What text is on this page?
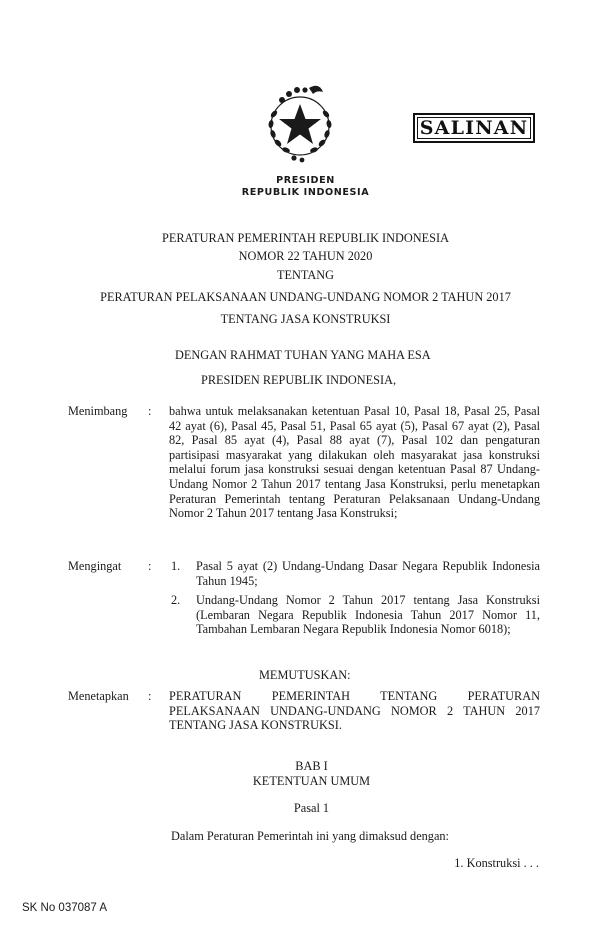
SALINAN
PRESIDEN
REPUBLIK INDONESIA
PERATURAN PEMERINTAH REPUBLIK INDONESIA
NOMOR 22 TAHUN 2020
TENTANG
PERATURAN PELAKSANAAN UNDANG-UNDANG NOMOR 2 TAHUN 2017
TENTANG JASA KONSTRUKSI
DENGAN RAHMAT TUHAN YANG MAHA ESA
PRESIDEN REPUBLIK INDONESIA,
Menimbang : bahwa untuk melaksanakan ketentuan Pasal 10, Pasal 18, Pasal 25, Pasal 42 ayat (6), Pasal 45, Pasal 51, Pasal 65 ayat (5), Pasal 67 ayat (2), Pasal 82, Pasal 85 ayat (4), Pasal 88 ayat (7), Pasal 102 dan pengaturan partisipasi masyarakat yang dilakukan oleh masyarakat jasa konstruksi melalui forum jasa konstruksi sesuai dengan ketentuan Pasal 87 Undang-Undang Nomor 2 Tahun 2017 tentang Jasa Konstruksi, perlu menetapkan Peraturan Pemerintah tentang Peraturan Pelaksanaan Undang-Undang Nomor 2 Tahun 2017 tentang Jasa Konstruksi;
Mengingat : 1. Pasal 5 ayat (2) Undang-Undang Dasar Negara Republik Indonesia Tahun 1945;
2. Undang-Undang Nomor 2 Tahun 2017 tentang Jasa Konstruksi (Lembaran Negara Republik Indonesia Tahun 2017 Nomor 11, Tambahan Lembaran Negara Republik Indonesia Nomor 6018);
MEMUTUSKAN:
Menetapkan : PERATURAN PEMERINTAH TENTANG PERATURAN PELAKSANAAN UNDANG-UNDANG NOMOR 2 TAHUN 2017 TENTANG JASA KONSTRUKSI.
BAB I
KETENTUAN UMUM
Pasal 1
Dalam Peraturan Pemerintah ini yang dimaksud dengan:
1. Konstruksi . . .
SK No 037087 A
